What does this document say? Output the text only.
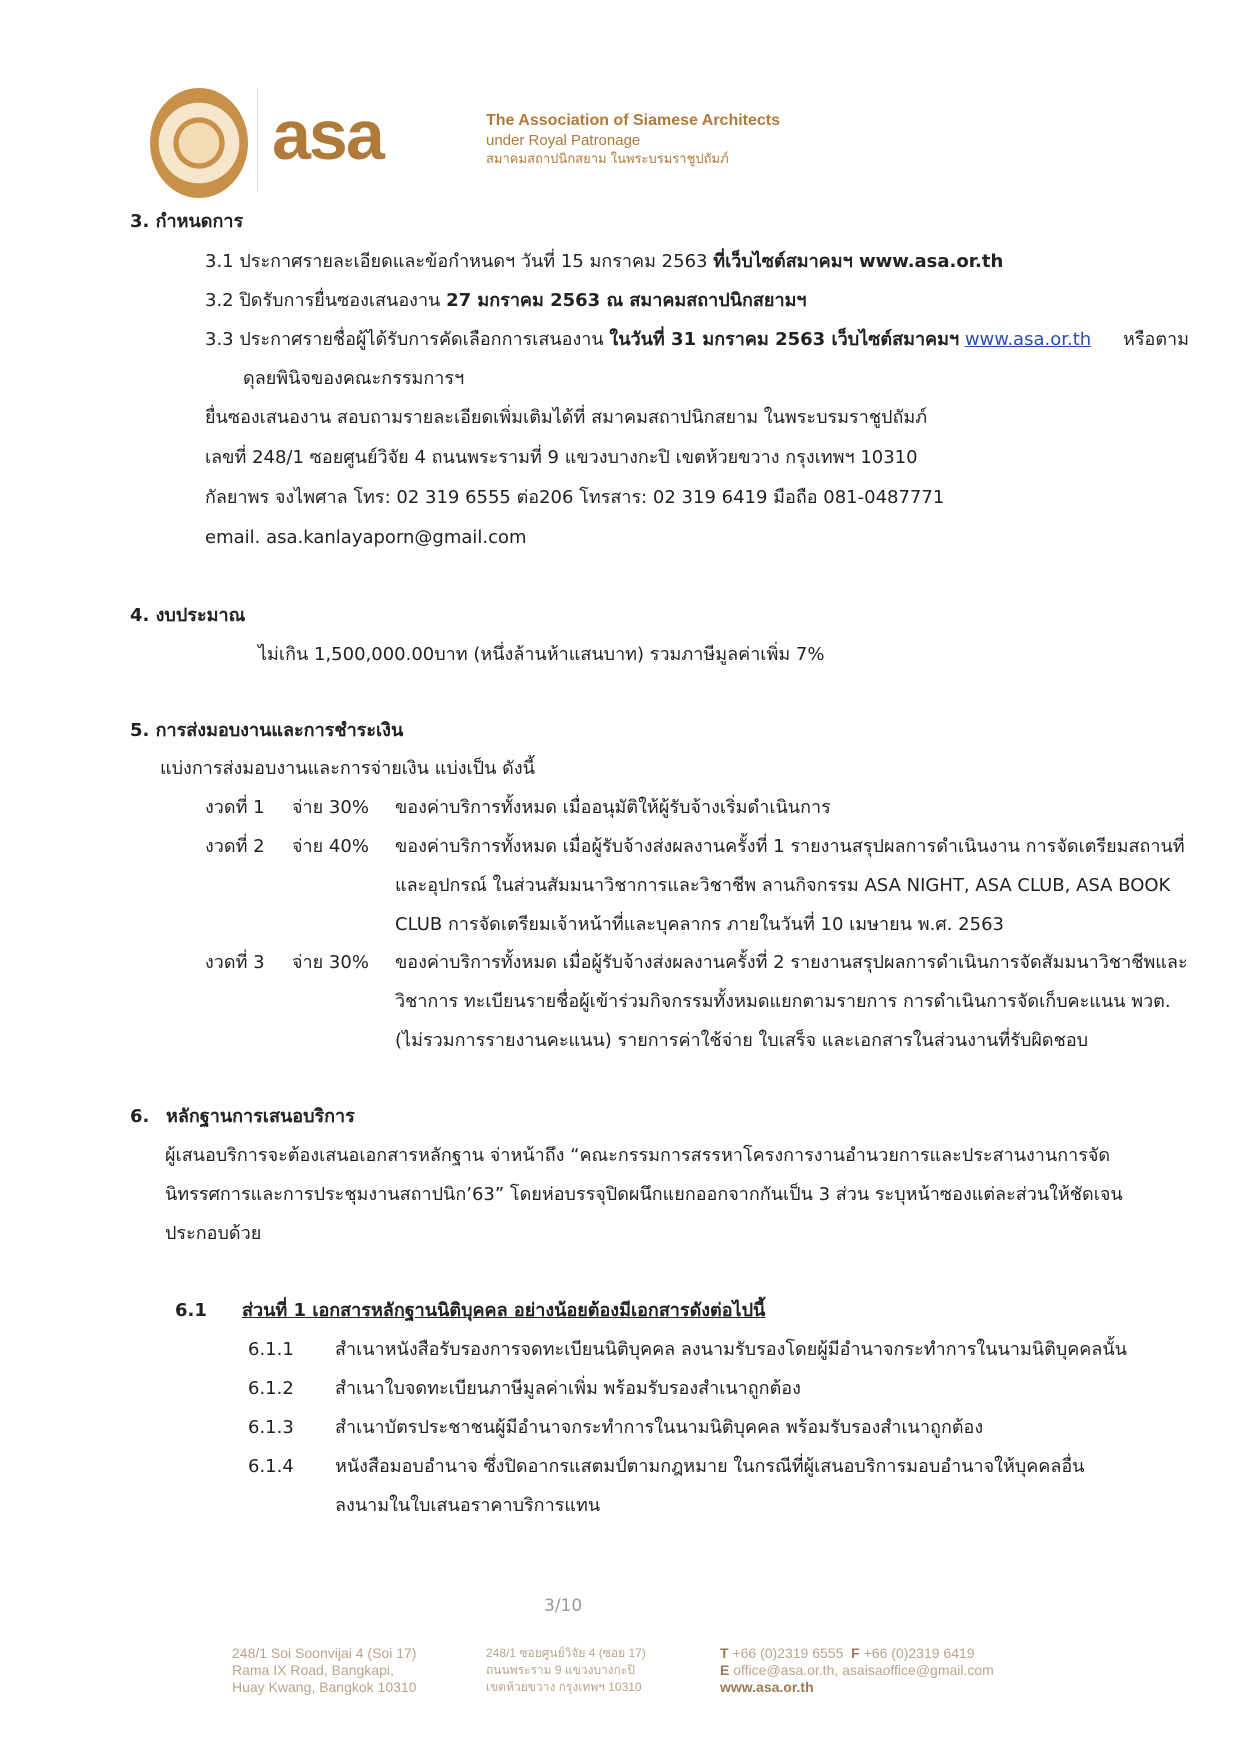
asa	The Association of Siamese Architects
under Royal Patronage
สมาคมสถาปนิกสยาม ในพระบรมราชูปถัมภ์
3. กำหนดการ
3.1 ประกาศรายละเอียดและข้อกำหนดฯ วันที่ 15 มกราคม 2563 ที่เว็บไซต์สมาคมฯ www.asa.or.th
3.2 ปิดรับการยื่นซองเสนองาน 27 มกราคม 2563 ณ สมาคมสถาปนิกสยามฯ
3.3 ประกาศรายชื่อผู้ได้รับการคัดเลือกการเสนองาน ในวันที่ 31 มกราคม 2563 เว็บไซต์สมาคมฯ www.asa.or.th หรือตาม
ดุลยพินิจของคณะกรรมการฯ
ยื่นซองเสนองาน สอบถามรายละเอียดเพิ่มเติมได้ที่ สมาคมสถาปนิกสยาม ในพระบรมราชูปถัมภ์
เลขที่ 248/1 ซอยศูนย์วิจัย 4 ถนนพระรามที่ 9 แขวงบางกะปิ เขตห้วยขวาง กรุงเทพฯ 10310
กัลยาพร จงไพศาล โทร: 02 319 6555 ต่อ206 โทรสาร: 02 319 6419 มือถือ 081-0487771
email. asa.kanlayaporn@gmail.com
4. งบประมาณ
ไม่เกิน 1,500,000.00บาท (หนึ่งล้านห้าแสนบาท) รวมภาษีมูลค่าเพิ่ม 7%
5. การส่งมอบงานและการชำระเงิน
แบ่งการส่งมอบงานและการจ่ายเงิน แบ่งเป็น ดังนี้
งวดที่ 1 จ่าย 30% ของค่าบริการทั้งหมด เมื่ออนุมัติให้ผู้รับจ้างเริ่มดำเนินการ
งวดที่ 2 จ่าย 40% ของค่าบริการทั้งหมด เมื่อผู้รับจ้างส่งผลงานครั้งที่ 1 รายงานสรุปผลการดำเนินงาน การจัดเตรียมสถานที่
และอุปกรณ์ ในส่วนสัมมนาวิชาการและวิชาชีพ ลานกิจกรรม ASA NIGHT, ASA CLUB, ASA BOOK
CLUB การจัดเตรียมเจ้าหน้าที่และบุคลากร ภายในวันที่ 10 เมษายน พ.ศ. 2563
งวดที่ 3 จ่าย 30% ของค่าบริการทั้งหมด เมื่อผู้รับจ้างส่งผลงานครั้งที่ 2 รายงานสรุปผลการดำเนินการจัดสัมมนาวิชาชีพและ
วิชาการ ทะเบียนรายชื่อผู้เข้าร่วมกิจกรรมทั้งหมดแยกตามรายการ การดำเนินการจัดเก็บคะแนน พวต.
(ไม่รวมการรายงานคะแนน) รายการค่าใช้จ่าย ใบเสร็จ และเอกสารในส่วนงานที่รับผิดชอบ
6. หลักฐานการเสนอบริการ
ผู้เสนอบริการจะต้องเสนอเอกสารหลักฐาน จ่าหน้าถึง “คณะกรรมการสรรหาโครงการงานอำนวยการและประสานงานการจัด
นิทรรศการและการประชุมงานสถาปนิก’63” โดยห่อบรรจุปิดผนึกแยกออกจากกันเป็น 3 ส่วน ระบุหน้าซองแต่ละส่วนให้ชัดเจน
ประกอบด้วย
6.1 ส่วนที่ 1 เอกสารหลักฐานนิติบุคคล อย่างน้อยต้องมีเอกสารดังต่อไปนี้
6.1.1 สำเนาหนังสือรับรองการจดทะเบียนนิติบุคคล ลงนามรับรองโดยผู้มีอำนาจกระทำการในนามนิติบุคคลนั้น
6.1.2 สำเนาใบจดทะเบียนภาษีมูลค่าเพิ่ม พร้อมรับรองสำเนาถูกต้อง
6.1.3 สำเนาบัตรประชาชนผู้มีอำนาจกระทำการในนามนิติบุคคล พร้อมรับรองสำเนาถูกต้อง
6.1.4 หนังสือมอบอำนาจ ซึ่งปิดอากรแสตมป์ตามกฎหมาย ในกรณีที่ผู้เสนอบริการมอบอำนาจให้บุคคลอื่น
ลงนามในใบเสนอราคาบริการแทน
3/10
248/1 Soi Soonvijai 4 (Soi 17)
Rama IX Road, Bangkapi,
Huay Kwang, Bangkok 10310
248/1 ซอยศูนย์วิจัย 4 (ซอย 17)
ถนนพระราม 9 แขวงบางกะปิ
เขตห้วยขวาง กรุงเทพฯ 10310
T +66 (0)2319 6555 F +66 (0)2319 6419
E office@asa.or.th, asaisaoffice@gmail.com
www.asa.or.th
